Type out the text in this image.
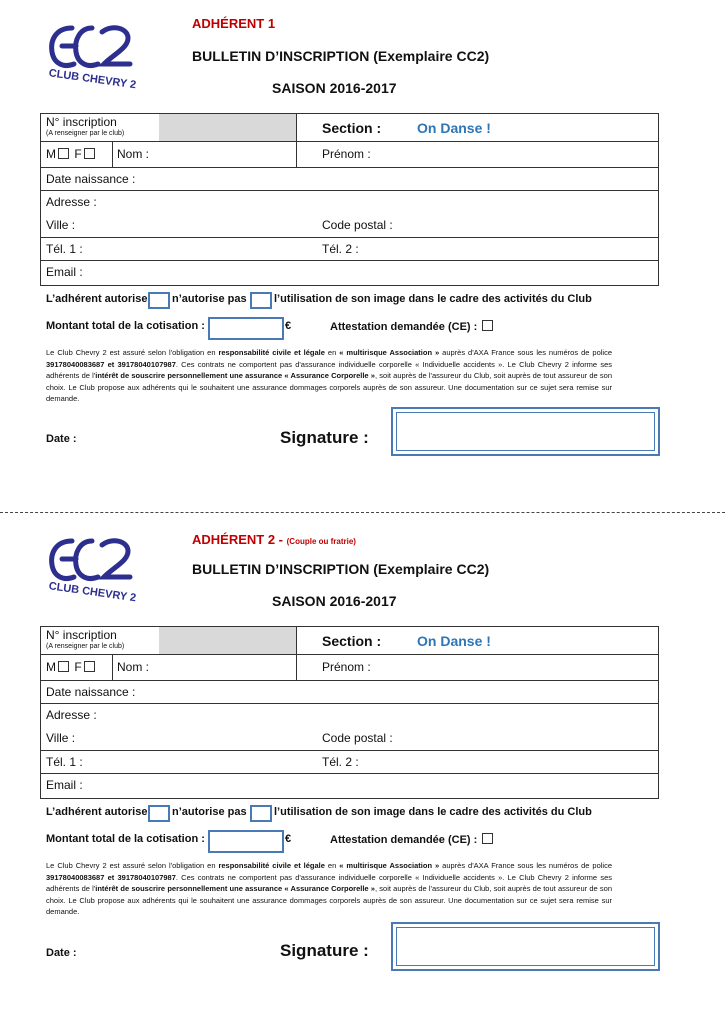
CLUB CHEVRY 2
ADHÉRENT 1
BULLETIN D’INSCRIPTION (Exemplaire CC2)
SAISON 2016-2017
N° inscription
(A renseigner par le club)	Section :	On Danse !
M F	Nom :	Prénom :
Date naissance :
Adresse :
Ville :	Code postal :
Tél. 1 :	Tél. 2 :
Email :
L’adhérent autorise n’autorise pas l’utilisation de son image dans le cadre des activités du Club
Montant total de la cotisation :	€	Attestation demandée (CE) :
Le Club Chevry 2 est assuré selon l'obligation en responsabilité civile et légale en « multirisque Association » auprès d'AXA France sous les numéros de police 39178040083687 et 39178040107987. Ces contrats ne comportent pas d'assurance individuelle corporelle « Individuelle accidents ». Le Club Chevry 2 informe ses adhérents de l'intérêt de souscrire personnellement une assurance « Assurance Corporelle », soit auprès de l'assureur du Club, soit auprès de tout assureur de son choix. Le Club propose aux adhérents qui le souhaitent une assurance dommages corporels auprès de son assureur. Une documentation sur ce sujet sera remise sur demande.
Date :	Signature :
CLUB CHEVRY 2
ADHÉRENT 2 - (Couple ou fratrie)
BULLETIN D’INSCRIPTION (Exemplaire CC2)
SAISON 2016-2017
N° inscription
(A renseigner par le club)	Section :	On Danse !
M F	Nom :	Prénom :
Date naissance :
Adresse :
Ville :	Code postal :
Tél. 1 :	Tél. 2 :
Email :
L’adhérent autorise n’autorise pas l’utilisation de son image dans le cadre des activités du Club
Montant total de la cotisation :	€	Attestation demandée (CE) :
Le Club Chevry 2 est assuré selon l'obligation en responsabilité civile et légale en « multirisque Association » auprès d'AXA France sous les numéros de police 39178040083687 et 39178040107987. Ces contrats ne comportent pas d'assurance individuelle corporelle « Individuelle accidents ». Le Club Chevry 2 informe ses adhérents de l'intérêt de souscrire personnellement une assurance « Assurance Corporelle », soit auprès de l'assureur du Club, soit auprès de tout assureur de son choix. Le Club propose aux adhérents qui le souhaitent une assurance dommages corporels auprès de son assureur. Une documentation sur ce sujet sera remise sur demande.
Date :	Signature :
